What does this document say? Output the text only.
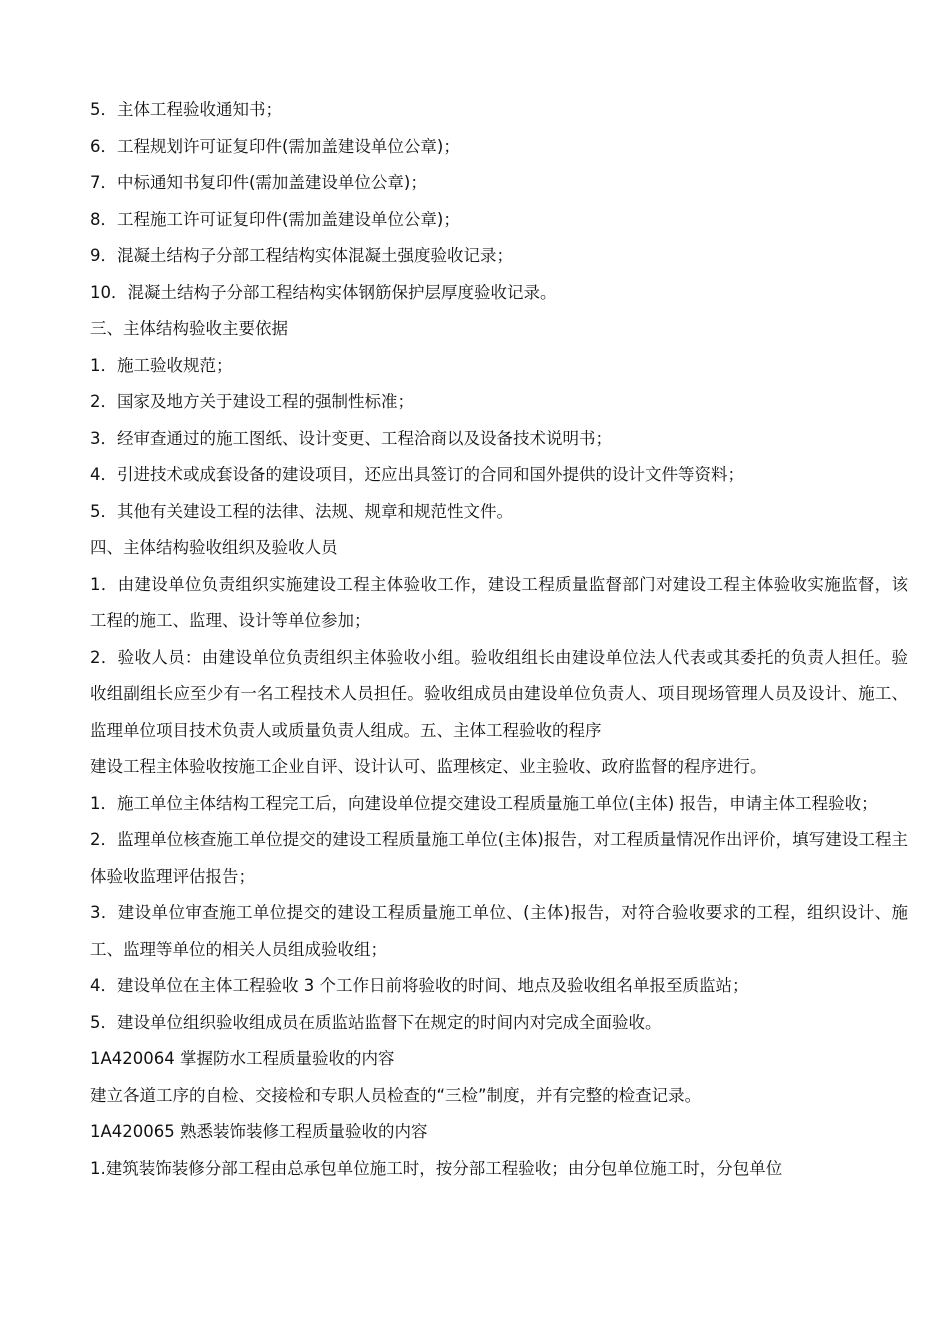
5．主体工程验收通知书；

6．工程规划许可证复印件(需加盖建设单位公章)；

7．中标通知书复印件(需加盖建设单位公章)；

8．工程施工许可证复印件(需加盖建设单位公章)；

9．混凝土结构子分部工程结构实体混凝土强度验收记录；

10．混凝土结构子分部工程结构实体钢筋保护层厚度验收记录。

三、主体结构验收主要依据

1．施工验收规范；

2．国家及地方关于建设工程的强制性标准；

3．经审查通过的施工图纸、设计变更、工程洽商以及设备技术说明书；

4．引进技术或成套设备的建设项目，还应出具签订的合同和国外提供的设计文件等资料；

5．其他有关建设工程的法律、法规、规章和规范性文件。

四、主体结构验收组织及验收人员

1．由建设单位负责组织实施建设工程主体验收工作，建设工程质量监督部门对建设工程主体验收实施监督，该工程的施工、监理、设计等单位参加；

2．验收人员：由建设单位负责组织主体验收小组。验收组组长由建设单位法人代表或其委托的负责人担任。验收组副组长应至少有一名工程技术人员担任。验收组成员由建设单位负责人、项目现场管理人员及设计、施工、监理单位项目技术负责人或质量负责人组成。五、主体工程验收的程序

建设工程主体验收按施工企业自评、设计认可、监理核定、业主验收、政府监督的程序进行。

1．施工单位主体结构工程完工后，向建设单位提交建设工程质量施工单位(主体) 报告，申请主体工程验收；

2．监理单位核查施工单位提交的建设工程质量施工单位(主体)报告，对工程质量情况作出评价，填写建设工程主体验收监理评估报告；

3．建设单位审查施工单位提交的建设工程质量施工单位、(主体)报告，对符合验收要求的工程，组织设计、施工、监理等单位的相关人员组成验收组；

4．建设单位在主体工程验收 3 个工作日前将验收的时间、地点及验收组名单报至质监站；

5．建设单位组织验收组成员在质监站监督下在规定的时间内对完成全面验收。

1A420064 掌握防水工程质量验收的内容

建立各道工序的自检、交接检和专职人员检查的“三检”制度，并有完整的检查记录。

1A420065 熟悉装饰装修工程质量验收的内容

1.建筑装饰装修分部工程由总承包单位施工时，按分部工程验收；由分包单位施工时，分包单位
